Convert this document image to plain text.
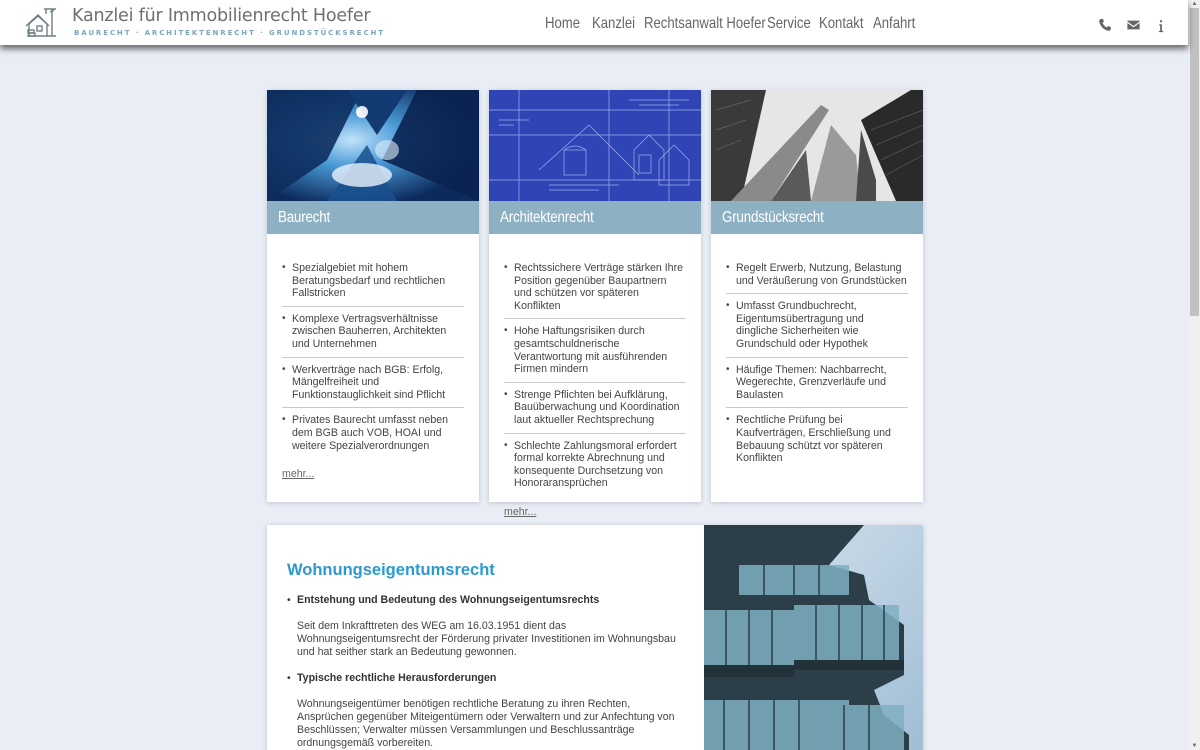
Kanzlei für Immobilienrecht Hoefer
BAURECHT · ARCHITEKTENRECHT · GRUNDSTÜCKSRECHT
Home Kanzlei Rechtsanwalt Hoefer Service Kontakt Anfahrt
▲
▼
Baurecht
• Spezialgebiet mit hohem Beratungsbedarf und rechtlichen Fallstricken
• Komplexe Vertragsverhältnisse zwischen Bauherren, Architekten und Unternehmen
• Werkverträge nach BGB: Erfolg, Mängelfreiheit und Funktionstauglichkeit sind Pflicht
• Privates Baurecht umfasst neben dem BGB auch VOB, HOAI und weitere Spezialverordnungen
mehr...
Architektenrecht
• Rechtssichere Verträge stärken Ihre Position gegenüber Baupartnern und schützen vor späteren Konflikten
• Hohe Haftungsrisiken durch gesamtschuldnerische Verantwortung mit ausführenden Firmen mindern
• Strenge Pflichten bei Aufklärung, Bauüberwachung und Koordination laut aktueller Rechtsprechung
• Schlechte Zahlungsmoral erfordert formal korrekte Abrechnung und konsequente Durchsetzung von Honoraransprüchen
mehr...
Grundstücksrecht
• Regelt Erwerb, Nutzung, Belastung und Veräußerung von Grundstücken
• Umfasst Grundbuchrecht, Eigentumsübertragung und dingliche Sicherheiten wie Grundschuld oder Hypothek
• Häufige Themen: Nachbarrecht, Wegerechte, Grenzverläufe und Baulasten
• Rechtliche Prüfung bei Kaufverträgen, Erschließung und Bebauung schützt vor späteren Konflikten
Wohnungseigentumsrecht
• Entstehung und Bedeutung des Wohnungseigentumsrechts

Seit dem Inkrafttreten des WEG am 16.03.1951 dient das Wohnungseigentumsrecht der Förderung privater Investitionen im Wohnungsbau und hat seither stark an Bedeutung gewonnen.

• Typische rechtliche Herausforderungen

Wohnungseigentümer benötigen rechtliche Beratung zu ihren Rechten, Ansprüchen gegenüber Miteigentümern oder Verwaltern und zur Anfechtung von Beschlüssen; Verwalter müssen Versammlungen und Beschlussanträge ordnungsgemäß vorbereiten.
